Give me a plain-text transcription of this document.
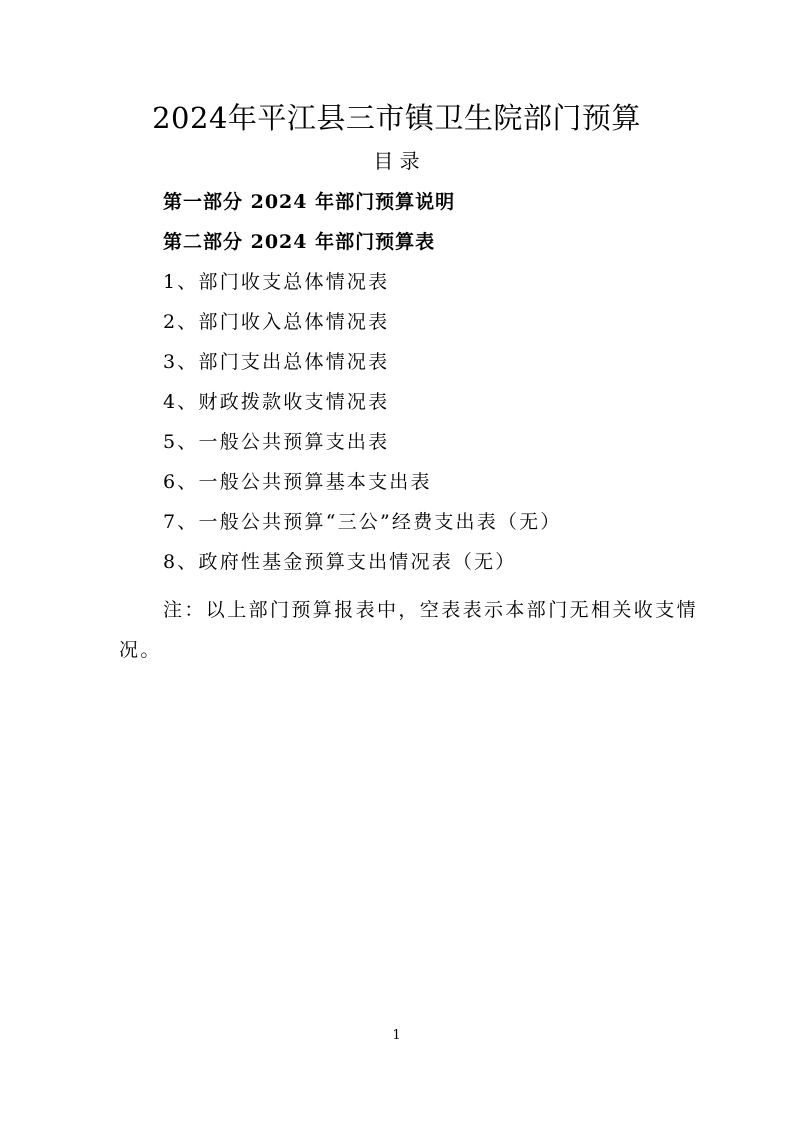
2024年平江县三市镇卫生院部门预算
目 录
第一部分 2024 年部门预算说明
第二部分 2024 年部门预算表
1、部门收支总体情况表
2、部门收入总体情况表
3、部门支出总体情况表
4、财政拨款收支情况表
5、一般公共预算支出表
6、一般公共预算基本支出表
7、一般公共预算“三公”经费支出表（无）
8、政府性基金预算支出情况表（无）
注：以上部门预算报表中，空表表示本部门无相关收支情况。
1
